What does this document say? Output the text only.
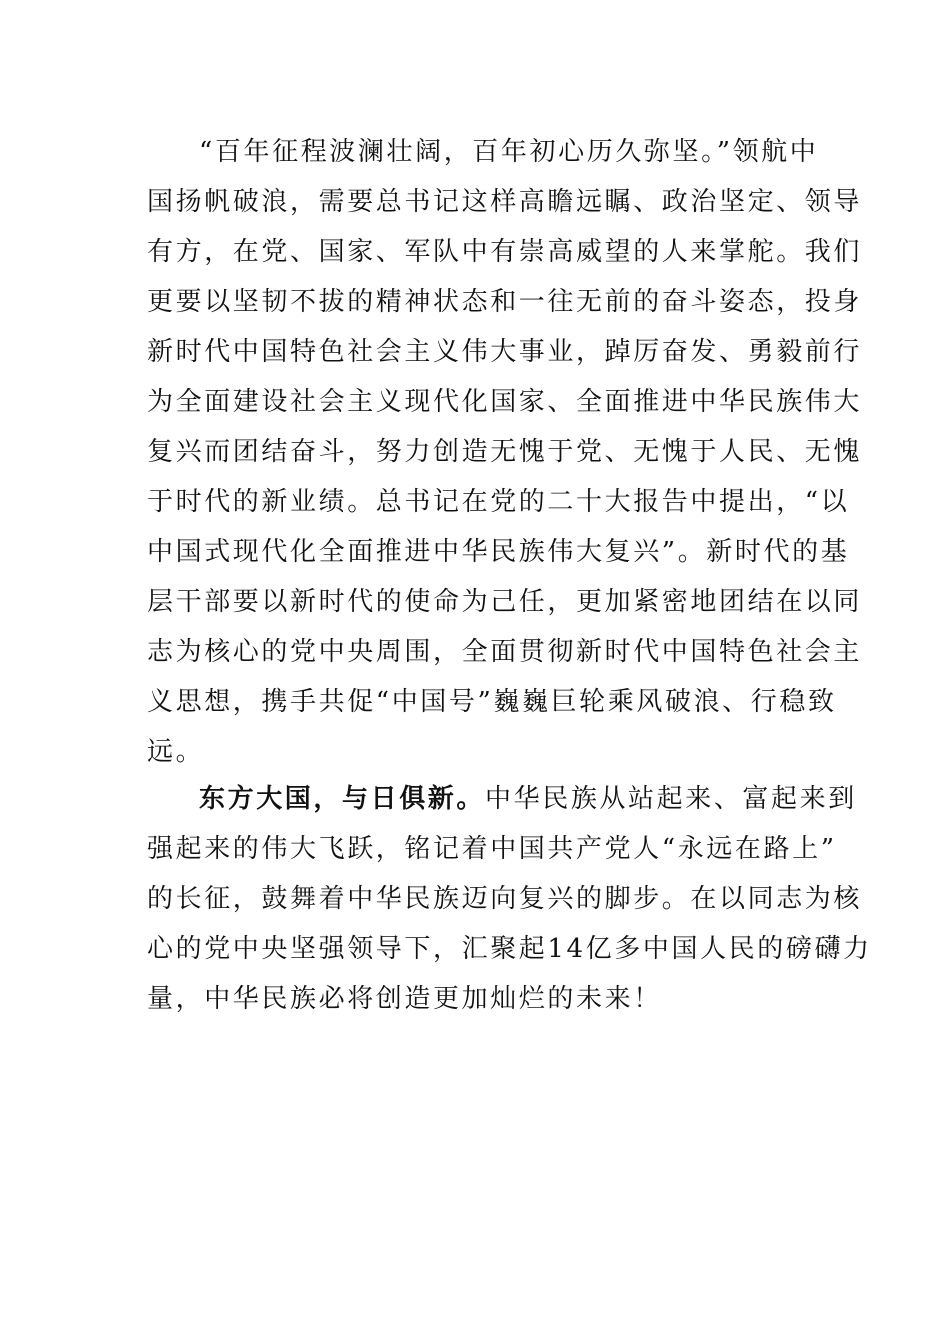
“百年征程波澜壮阔，百年初心历久弥坚。”领航中
国扬帆破浪，需要总书记这样高瞻远瞩、政治坚定、领导
有方，在党、国家、军队中有崇高威望的人来掌舵。我们
更要以坚韧不拔的精神状态和一往无前的奋斗姿态，投身
新时代中国特色社会主义伟大事业，踔厉奋发、勇毅前行
为全面建设社会主义现代化国家、全面推进中华民族伟大
复兴而团结奋斗，努力创造无愧于党、无愧于人民、无愧
于时代的新业绩。总书记在党的二十大报告中提出，“以
中国式现代化全面推进中华民族伟大复兴”。新时代的基
层干部要以新时代的使命为己任，更加紧密地团结在以同
志为核心的党中央周围，全面贯彻新时代中国特色社会主
义思想，携手共促“中国号”巍巍巨轮乘风破浪、行稳致
远。
东方大国，与日俱新。中华民族从站起来、富起来到
强起来的伟大飞跃，铭记着中国共产党人“永远在路上”
的长征，鼓舞着中华民族迈向复兴的脚步。在以同志为核
心的党中央坚强领导下，汇聚起14亿多中国人民的磅礴力
量，中华民族必将创造更加灿烂的未来！
